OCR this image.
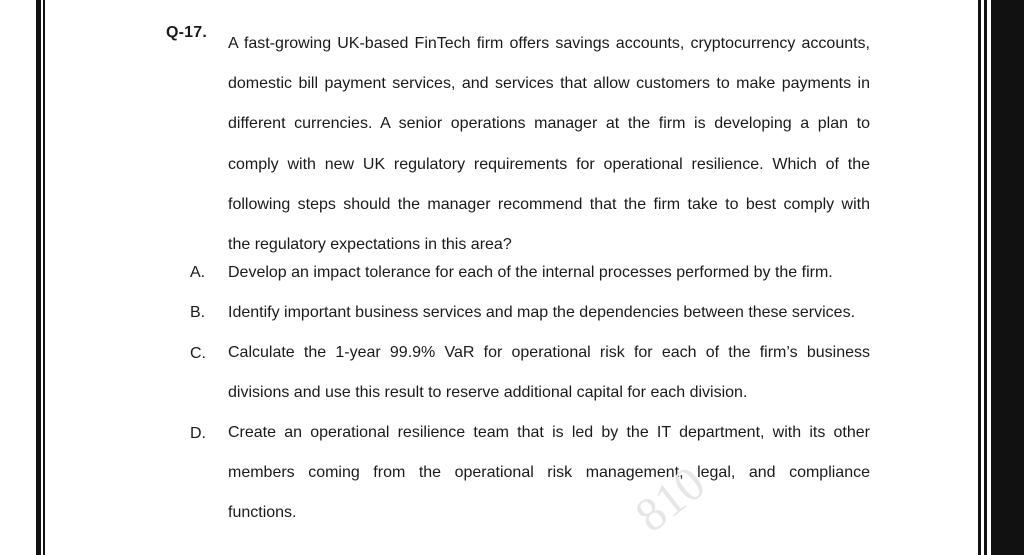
Q-17.
A fast-growing UK-based FinTech firm offers savings accounts, cryptocurrency accounts,
domestic bill payment services, and services that allow customers to make payments in
different currencies. A senior operations manager at the firm is developing a plan to
comply with new UK regulatory requirements for operational resilience. Which of the
following steps should the manager recommend that the firm take to best comply with
the regulatory expectations in this area?
A. Develop an impact tolerance for each of the internal processes performed by the firm.
B. Identify important business services and map the dependencies between these services.
C. Calculate the 1-year 99.9% VaR for operational risk for each of the firm’s business
divisions and use this result to reserve additional capital for each division.
D. Create an operational resilience team that is led by the IT department, with its other
members coming from the operational risk management, legal, and compliance
functions.	810
